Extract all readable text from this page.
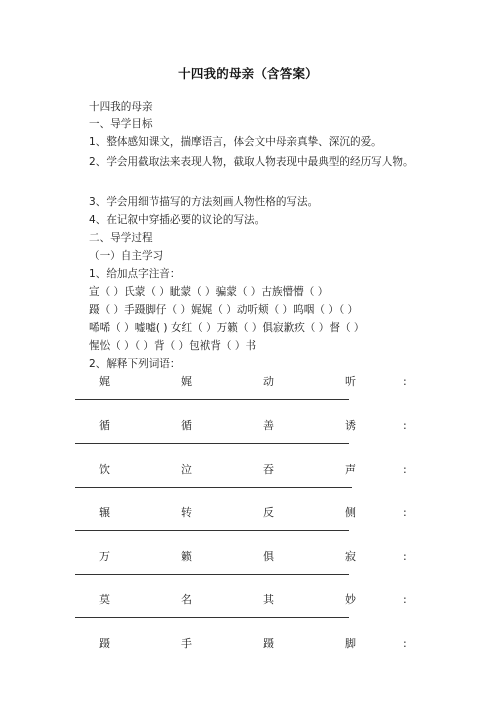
十四我的母亲（含答案）
十四我的母亲
一、导学目标
1、整体感知课文，揣摩语言，体会文中母亲真挚、深沉的爱。
2、学会用截取法来表现人物，截取人物表现中最典型的经历写人物。
3、学会用细节描写的方法刻画人物性格的写法。
4、在记叙中穿插必要的议论的写法。
二、导学过程
（一）自主学习
1、给加点字注音：
宣（ ）氏蒙（ ）眦蒙（ ）骗蒙（ ）古族懵懵（ ）
蹑（ ）手蹑脚仔（ ）娓娓（ ）动听颊（ ）呜咽（ ）（ ）
唏唏（ ）嘘嘘( ) 女红（ ）万籁（ ）俱寂歉疚（ ）督（ ）
惺忪（ ）（ ）背（ ）包袱背（ ）书
2、解释下列词语：
娓	娓	动	听	:
循	循	善	诱	:
饮	泣	吞	声	:
辗	转	反	侧	:
万	籁	俱	寂	:
莫	名	其	妙	:
蹑	手	蹑	脚	:
